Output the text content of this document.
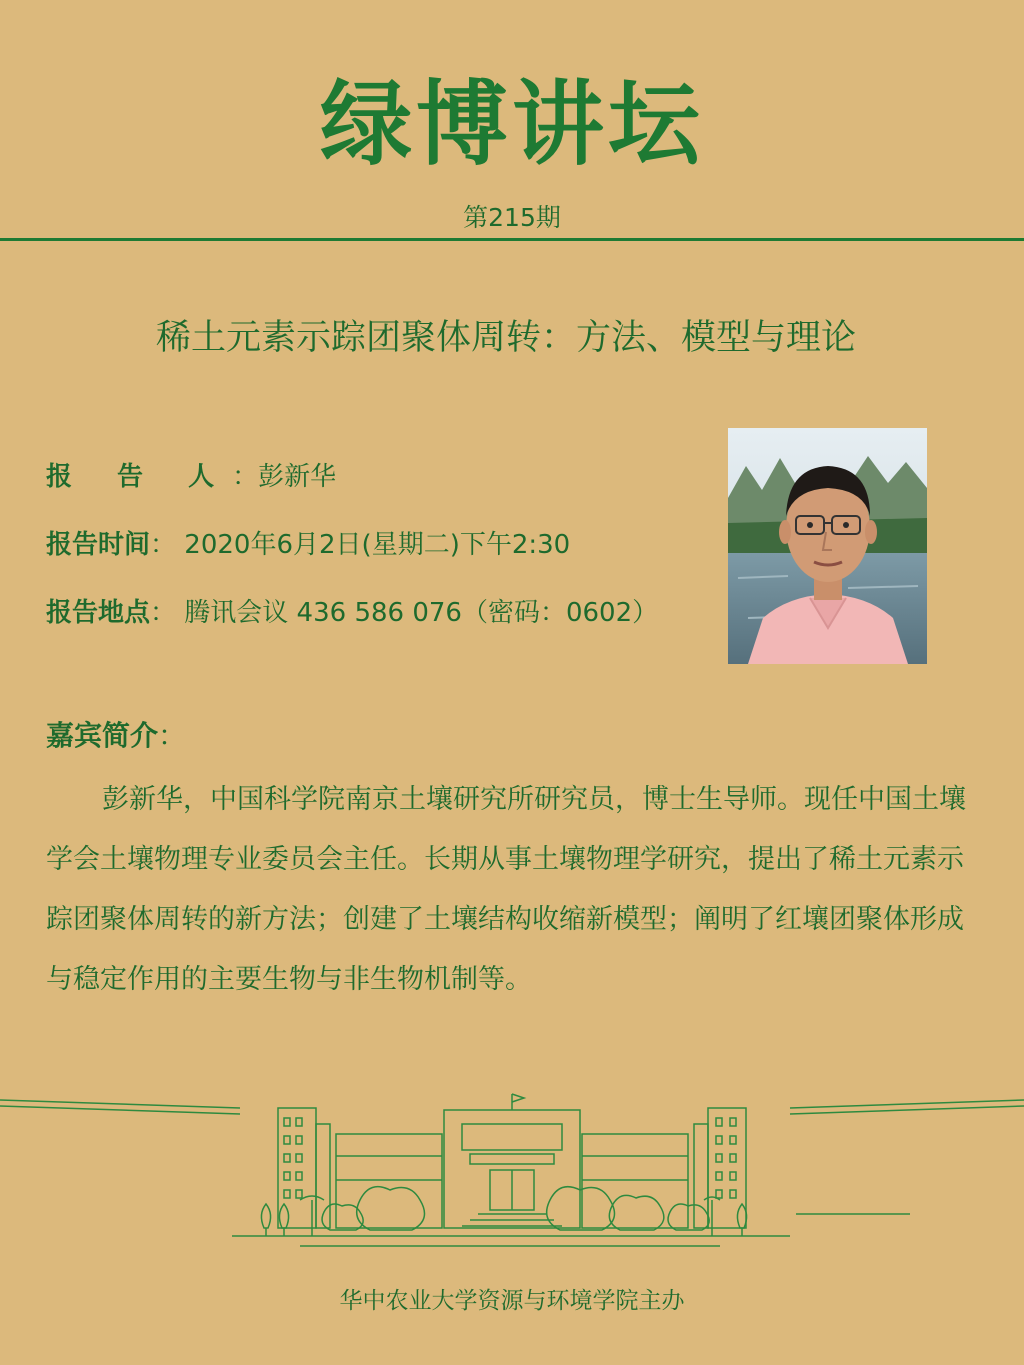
绿博讲坛
第215期
稀土元素示踪团聚体周转：方法、模型与理论
报 告 人：彭新华
报告时间： 2020年6月2日(星期二)下午2:30
报告地点： 腾讯会议 436 586 076（密码：0602）
嘉宾简介：

彭新华，中国科学院南京土壤研究所研究员，博士生导师。现任中国土壤学会土壤物理专业委员会主任。长期从事土壤物理学研究，提出了稀土元素示踪团聚体周转的新方法；创建了土壤结构收缩新模型；阐明了红壤团聚体形成与稳定作用的主要生物与非生物机制等。

华中农业大学资源与环境学院主办
